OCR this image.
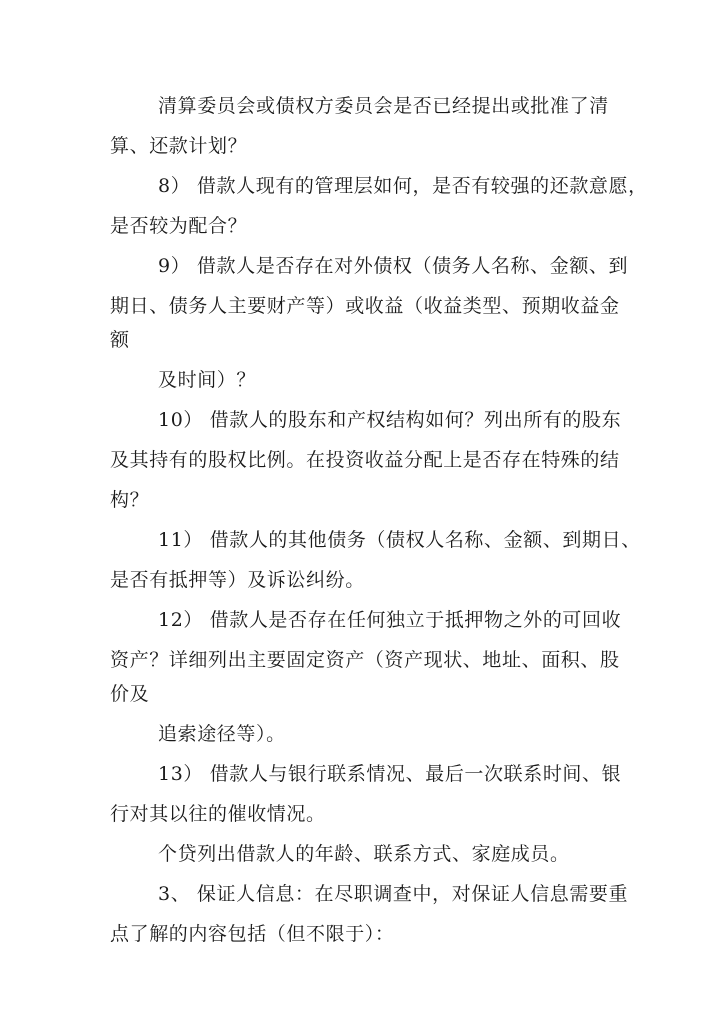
清算委员会或债权方委员会是否已经提出或批准了清
算、还款计划？
8） 借款人现有的管理层如何，是否有较强的还款意愿，
是否较为配合？
9） 借款人是否存在对外债权（债务人名称、金额、到
期日、债务人主要财产等）或收益（收益类型、预期收益金
额
及时间）？
10） 借款人的股东和产权结构如何？列出所有的股东
及其持有的股权比例。在投资收益分配上是否存在特殊的结
构？
11） 借款人的其他债务（债权人名称、金额、到期日、
是否有抵押等）及诉讼纠纷。
12） 借款人是否存在任何独立于抵押物之外的可回收
资产？详细列出主要固定资产（资产现状、地址、面积、股
价及
追索途径等）。
13） 借款人与银行联系情况、最后一次联系时间、银
行对其以往的催收情况。
个贷列出借款人的年龄、联系方式、家庭成员。
3、 保证人信息：在尽职调查中，对保证人信息需要重
点了解的内容包括（但不限于）：
